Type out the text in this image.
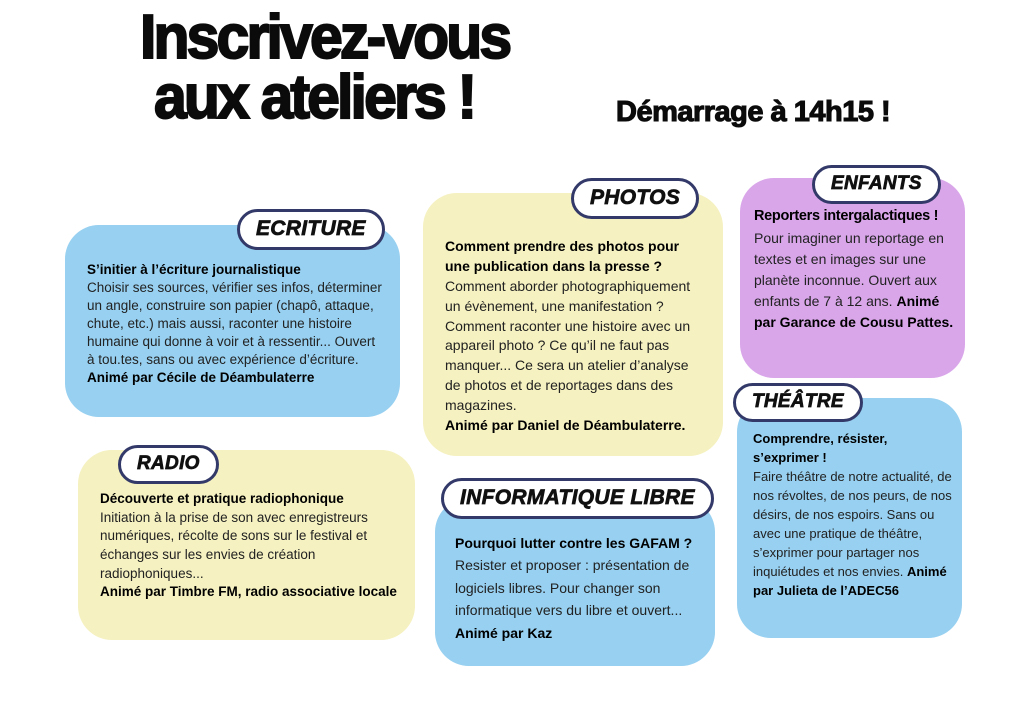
Inscrivez-vous
aux ateliers !	Démarrage à 14h15 !
ECRITURE

S’initier à l’écriture journalistique

Choisir ses sources, vérifier ses infos, déterminer un angle, construire son papier (chapô, attaque, chute, etc.) mais aussi, raconter une histoire humaine qui donne à voir et à ressentir... Ouvert à tou.tes, sans ou avec expérience d’écriture.

Animé par Cécile de Déambulaterre

PHOTOS

Comment prendre des photos pour une publication dans la presse ?

Comment aborder photographiquement un évènement, une manifestation ? Comment raconter une histoire avec un appareil photo ? Ce qu’il ne faut pas manquer... Ce sera un atelier d’analyse de photos et de reportages dans des magazines.

Animé par Daniel de Déambulaterre.

ENFANTS

Reporters intergalactiques !

Pour imaginer un reportage en textes et en images sur une planète inconnue. Ouvert aux enfants de 7 à 12 ans. Animé par Garance de Cousu Pattes.

RADIO

Découverte et pratique radiophonique

Initiation à la prise de son avec enregistreurs numériques, récolte de sons sur le festival et échanges sur les envies de création radiophoniques...

Animé par Timbre FM, radio associative locale

INFORMATIQUE LIBRE

Pourquoi lutter contre les GAFAM ?

Resister et proposer : présentation de logiciels libres. Pour changer son informatique vers du libre et ouvert...

Animé par Kaz

THÉÂTRE

Comprendre, résister, s’exprimer !

Faire théâtre de notre actualité, de nos révoltes, de nos peurs, de nos désirs, de nos espoirs. Sans ou avec une pratique de théâtre, s’exprimer pour partager nos inquiétudes et nos envies. Animé par Julieta de l’ADEC56
